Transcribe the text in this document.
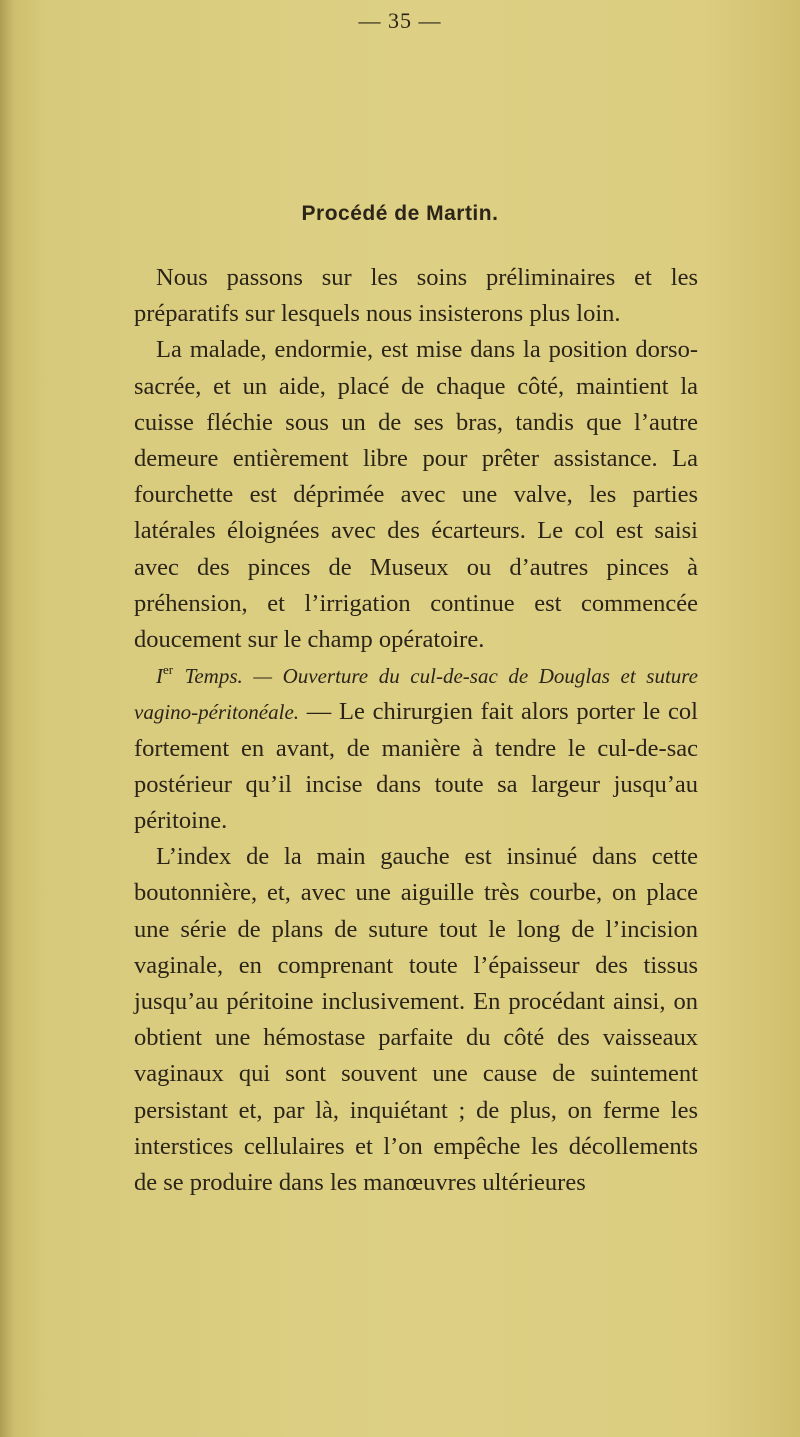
— 35 —
Procédé de Martin.

Nous passons sur les soins préliminaires et les préparatifs sur lesquels nous insisterons plus loin.

La malade, endormie, est mise dans la position dorso-sacrée, et un aide, placé de chaque côté, maintient la cuisse fléchie sous un de ses bras, tandis que l’autre demeure entièrement libre pour prêter assistance. La fourchette est déprimée avec une valve, les parties latérales éloignées avec des écarteurs. Le col est saisi avec des pinces de Museux ou d’autres pinces à préhension, et l’irrigation continue est commencée doucement sur le champ opératoire.

Ier Temps. — Ouverture du cul-de-sac de Douglas et suture vagino-péritonéale. — Le chirurgien fait alors porter le col fortement en avant, de manière à tendre le cul-de-sac postérieur qu’il incise dans toute sa largeur jusqu’au péritoine.

L’index de la main gauche est insinué dans cette boutonnière, et, avec une aiguille très courbe, on place une série de plans de suture tout le long de l’incision vaginale, en comprenant toute l’épaisseur des tissus jusqu’au péritoine inclusivement. En procédant ainsi, on obtient une hémostase parfaite du côté des vaisseaux vaginaux qui sont souvent une cause de suintement persistant et, par là, inquiétant ; de plus, on ferme les interstices cellulaires et l’on empêche les décollements de se produire dans les manœuvres ultérieures
